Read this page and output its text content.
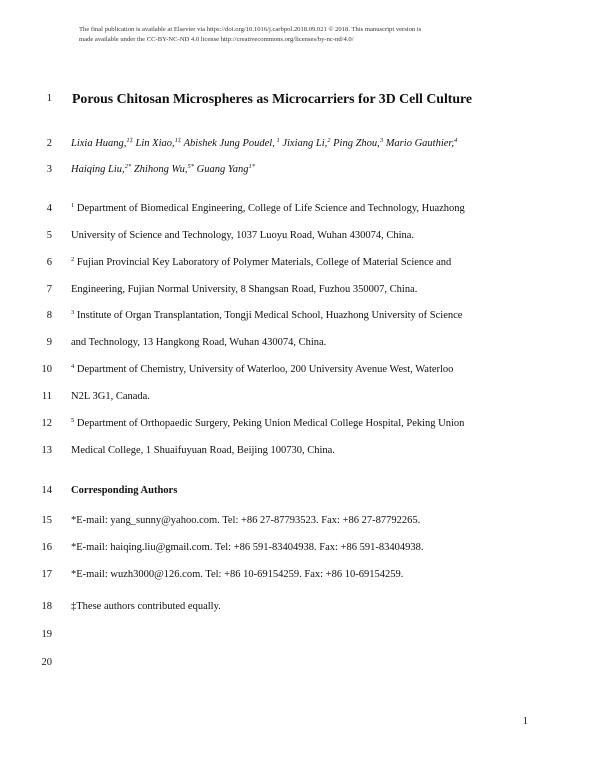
The final publication is available at Elsevier via https://doi.org/10.1016/j.carbpol.2018.09.021 © 2018. This manuscript version is
made available under the CC-BY-NC-ND 4.0 license http://creativecommons.org/licenses/by-nc-nd/4.0/
1 Porous Chitosan Microspheres as Microcarriers for 3D Cell Culture
2 Lixia Huang,$^{1\ddagger}$ Lin Xiao,$^{1\ddagger}$ Abishek Jung Poudel, $^1$ Jixiang Li,$^2$ Ping Zhou,$^3$ Mario Gauthier,$^4$
3 Haiqing Liu,$^{2*}$ Zhihong Wu,$^{5*}$ Guang Yang$^{1*}$
4	$^1$ Department of Biomedical Engineering, College of Life Science and Technology, Huazhong
5 University of Science and Technology, 1037 Luoyu Road, Wuhan 430074, China.
6	$^2$ Fujian Provincial Key Laboratory of Polymer Materials, College of Material Science and
7 Engineering, Fujian Normal University, 8 Shangsan Road, Fuzhou 350007, China.
8	$^3$ Institute of Organ Transplantation, Tongji Medical School, Huazhong University of Science
9 and Technology, 13 Hangkong Road, Wuhan 430074, China.
10	$^4$ Department of Chemistry, University of Waterloo, 200 University Avenue West, Waterloo
11 N2L 3G1, Canada.
12	$^5$ Department of Orthopaedic Surgery, Peking Union Medical College Hospital, Peking Union
13 Medical College, 1 Shuaifuyuan Road, Beijing 100730, China.
14 Corresponding Authors
15 *E-mail: yang_sunny@yahoo.com. Tel: +86 27-87793523. Fax: +86 27-87792265.
16 *E-mail: haiqing.liu@gmail.com. Tel: +86 591-83404938. Fax: +86 591-83404938.
17 *E-mail: wuzh3000@126.com. Tel: +86 10-69154259. Fax: +86 10-69154259.
18 ‡These authors contributed equally.
19
20
1
